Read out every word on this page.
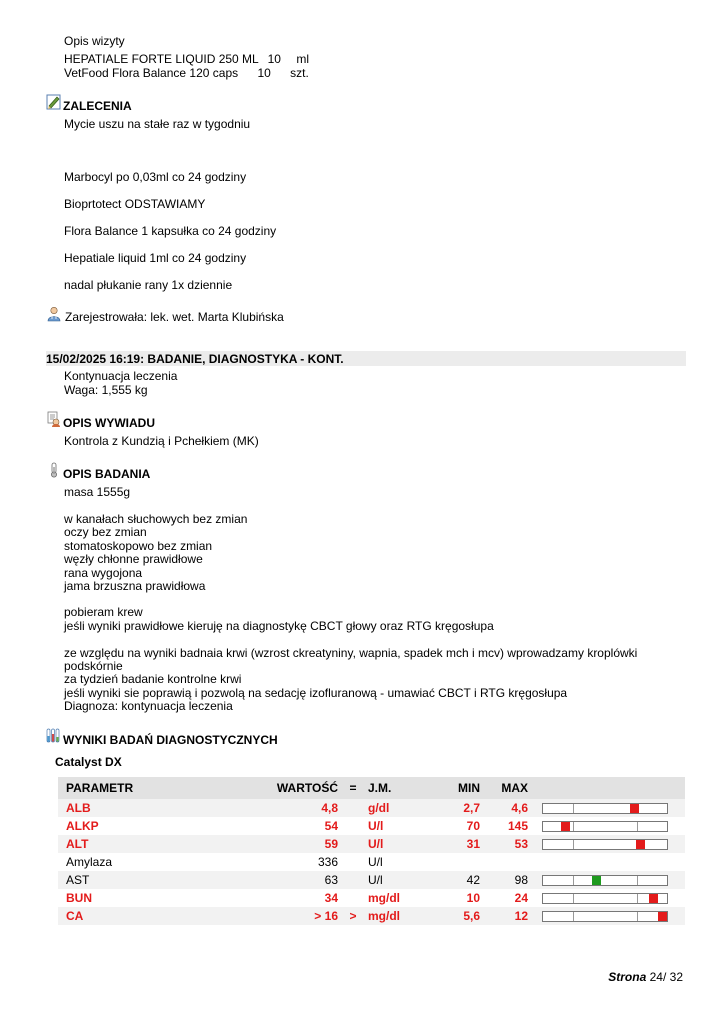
Opis wizyty
HEPATIALE FORTE LIQUID 250 ML 10 ml
VetFood Flora Balance 120 caps 10 szt.
ZALECENIA
Mycie uszu na stałe raz w tygodniu
Marbocyl po 0,03ml co 24 godziny
Bioprtotect ODSTAWIAMY
Flora Balance 1 kapsułka co 24 godziny
Hepatiale liquid 1ml co 24 godziny
nadal płukanie rany 1x dziennie
Zarejestrowała: lek. wet. Marta Klubińska
15/02/2025 16:19: BADANIE, DIAGNOSTYKA - KONT.
Kontynuacja leczenia
Waga: 1,555 kg
OPIS WYWIADU
Kontrola z Kundzią i Pchełkiem (MK)
OPIS BADANIA
masa 1555g
w kanałach słuchowych bez zmian
oczy bez zmian
stomatoskopowo bez zmian
węzły chłonne prawidłowe
rana wygojona
jama brzuszna prawidłowa
pobieram krew
jeśli wyniki prawidłowe kieruję na diagnostykę CBCT głowy oraz RTG kręgosłupa
ze względu na wyniki badnaia krwi (wzrost ckreatyniny, wapnia, spadek mch i mcv) wprowadzamy kroplówki
podskórnie
za tydzień badanie kontrolne krwi
jeśli wyniki sie poprawią i pozwolą na sedację izofluranową - umawiać CBCT i RTG kręgosłupa
Diagnoza: kontynuacja leczenia
WYNIKI BADAŃ DIAGNOSTYCZNYCH
Catalyst DX
PARAMETR	WARTOŚĆ	=	J.M.	MIN	MAX	
ALB	4,8		g/dl	2,7	4,6	

ALKP	54		U/l	70	145	

ALT	59		U/l	31	53	

Amylaza	336		U/l			
AST	63		U/l	42	98	

BUN	34		mg/dl	10	24	

CA	> 16	>	mg/dl	5,6	12	
Strona 24/ 32
